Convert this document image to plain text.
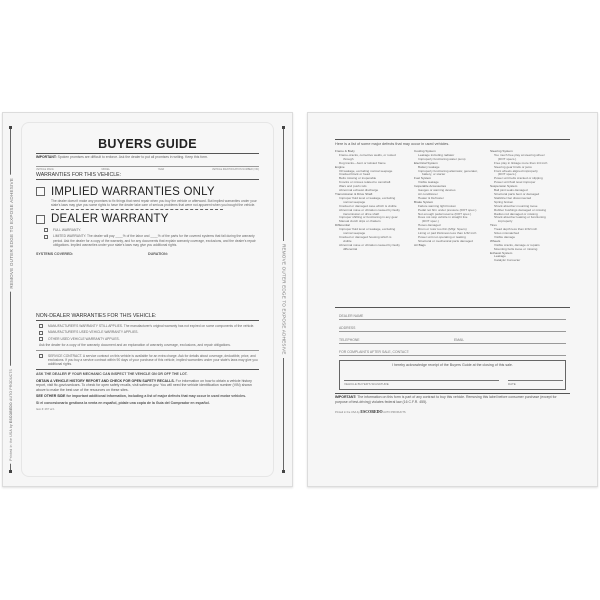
REMOVE OUTER EDGE TO EXPOSE ADHESIVE
Printed in the USA by ESCOBEDO AUTO PRODUCTS
REMOVE OUTER EDGE TO EXPOSE ADHESIVE
BUYERS GUIDE
IMPORTANT: Spoken promises are difficult to enforce. Ask the dealer to put all promises in writing. Keep this form.
VEHICLE MAKE	MODEL	YEAR	VEHICLE IDENTIFICATION NUMBER (VIN)
WARRANTIES FOR THIS VEHICLE:
IMPLIED WARRANTIES ONLY
The dealer doesn't make any promises to fix things that need repair when you buy the vehicle or afterward. But implied warranties under your state's laws may give you some rights to have the dealer take care of serious problems that were not apparent when you bought the vehicle.
DEALER WARRANTY
FULL WARRANTY.
LIMITED WARRANTY. The dealer will pay ____% of the labor and ____% of the parts for the covered systems that fail during the warranty period. Ask the dealer for a copy of the warranty, and for any documents that explain warranty coverage, exclusions, and the dealer's repair obligations. Implied warranties under your state's laws may give you additional rights.
SYSTEMS COVERED:	DURATION:
NON-DEALER WARRANTIES FOR THIS VEHICLE:
MANUFACTURER'S WARRANTY STILL APPLIES. The manufacturer's original warranty has not expired on some components of the vehicle.
MANUFACTURER'S USED VEHICLE WARRANTY APPLIES.
OTHER USED VEHICLE WARRANTY APPLIES.
Ask the dealer for a copy of the warranty document and an explanation of warranty coverage, exclusions, and repair obligations.
SERVICE CONTRACT. A service contract on this vehicle is available for an extra charge. Ask for details about coverage, deductible, price, and exclusions. If you buy a service contract within 90 days of your purchase of this vehicle, implied warranties under your state's laws may give you additional rights.
ASK THE DEALER IF YOUR MECHANIC CAN INSPECT THE VEHICLE ON OR OFF THE LOT.
OBTAIN A VEHICLE HISTORY REPORT AND CHECK FOR OPEN SAFETY RECALLS. For information on how to obtain a vehicle history report, visit ftc.gov/usedcars. To check for open safety recalls, visit safercar.gov. You will need the vehicle identification number (VIN) shown above to make the best use of the resources on these sites.
SEE OTHER SIDE for important additional information, including a list of major defects that may occur in used motor vehicles.
Si el concesionario gestiona la venta en español, pídale una copia de la Guía del Comprador en español.
Item #: 267 v2.1
Here is a list of some major defects that may occur in used vehicles.
Frame & Body
Frame-cracks, corrective welds, or rusted
through
Dog tracks—bent or twisted frame
Engine
Oil leakage, excluding normal seepage
Cracked block or head
Belts missing or inoperable
Knocks or misses related to camshaft
Wars and push rods
Abnormal exhaust discharge
Transmission & Drive Shaft
Improper fluid level or leakage, excluding
normal seepage
Cracked or damaged case which is visible
Abnormal noise or vibration caused by faulty
transmission or drive shaft
Improper shifting or functioning in any gear
Manual clutch slips or chatters
Differential
Improper fluid level or leakage, excluding
normal seepage
Cracked or damaged housing which is
visible
Abnormal noise or vibration caused by faulty
differential
Cooling System
Leakage including radiator
Improperly functioning water pump
Electrical System
Battery leakage
Improperly functioning alternator, generator,
battery, or starter
Fuel System
Visible leakage
Inoperable Accessories
Gauges or warning devices
Air conditioner
Heater & Defroster
Brake System
Failure warning light broken
Pedal not firm under pressure (DOT spec.)
Not enough pedal reserve (DOT spec.)
Does not stop vehicle in straight line
(DOT spec.)
Hoses damaged
Drum or rotor too thin (Mfgr. Specs)
Lining or pad thickness less than 1/32 inch
Power unit not operating or leaking
Structural or mechanical parts damaged
Air Bags
Steering System
Too much free play at steering wheel
(DOT specs.)
Free play in linkage more than 1/4 inch
Steering gear binds or jams
Front wheels aligned improperly
(DOT specs.)
Power unit belts cracked or slipping
Power unit fluid level improper
Suspension System
Ball joint seals damaged
Structural parts bent or damaged
Stabilizer bar disconnected
Spring broken
Shock absorber mounting loose
Rubber bushings damaged or missing
Radius rod damaged or missing
Shock absorber leaking or functioning
improperly
Tires
Tread depth less than 2/32 inch
Sizes mismatched
Visible damage
Wheels
Visible cracks, damage or repairs
Mounting bolts loose or missing
Exhaust System
Leakage
Catalytic Converter
DEALER NAME
ADDRESS
TELEPHONE	EMAIL
FOR COMPLAINTS AFTER SALE, CONTACT:
I hereby acknowledge receipt of the Buyers Guide at the closing of this sale.
VEHICLE BUYER'S SIGNATURE	DATE
IMPORTANT: The information on this form is part of any contract to buy this vehicle. Removing this label before consumer purchase (except for purpose of test-driving) violates federal law (16 C.F.R. 455).
Printed in the USA by ESCOBEDO AUTO PRODUCTS
